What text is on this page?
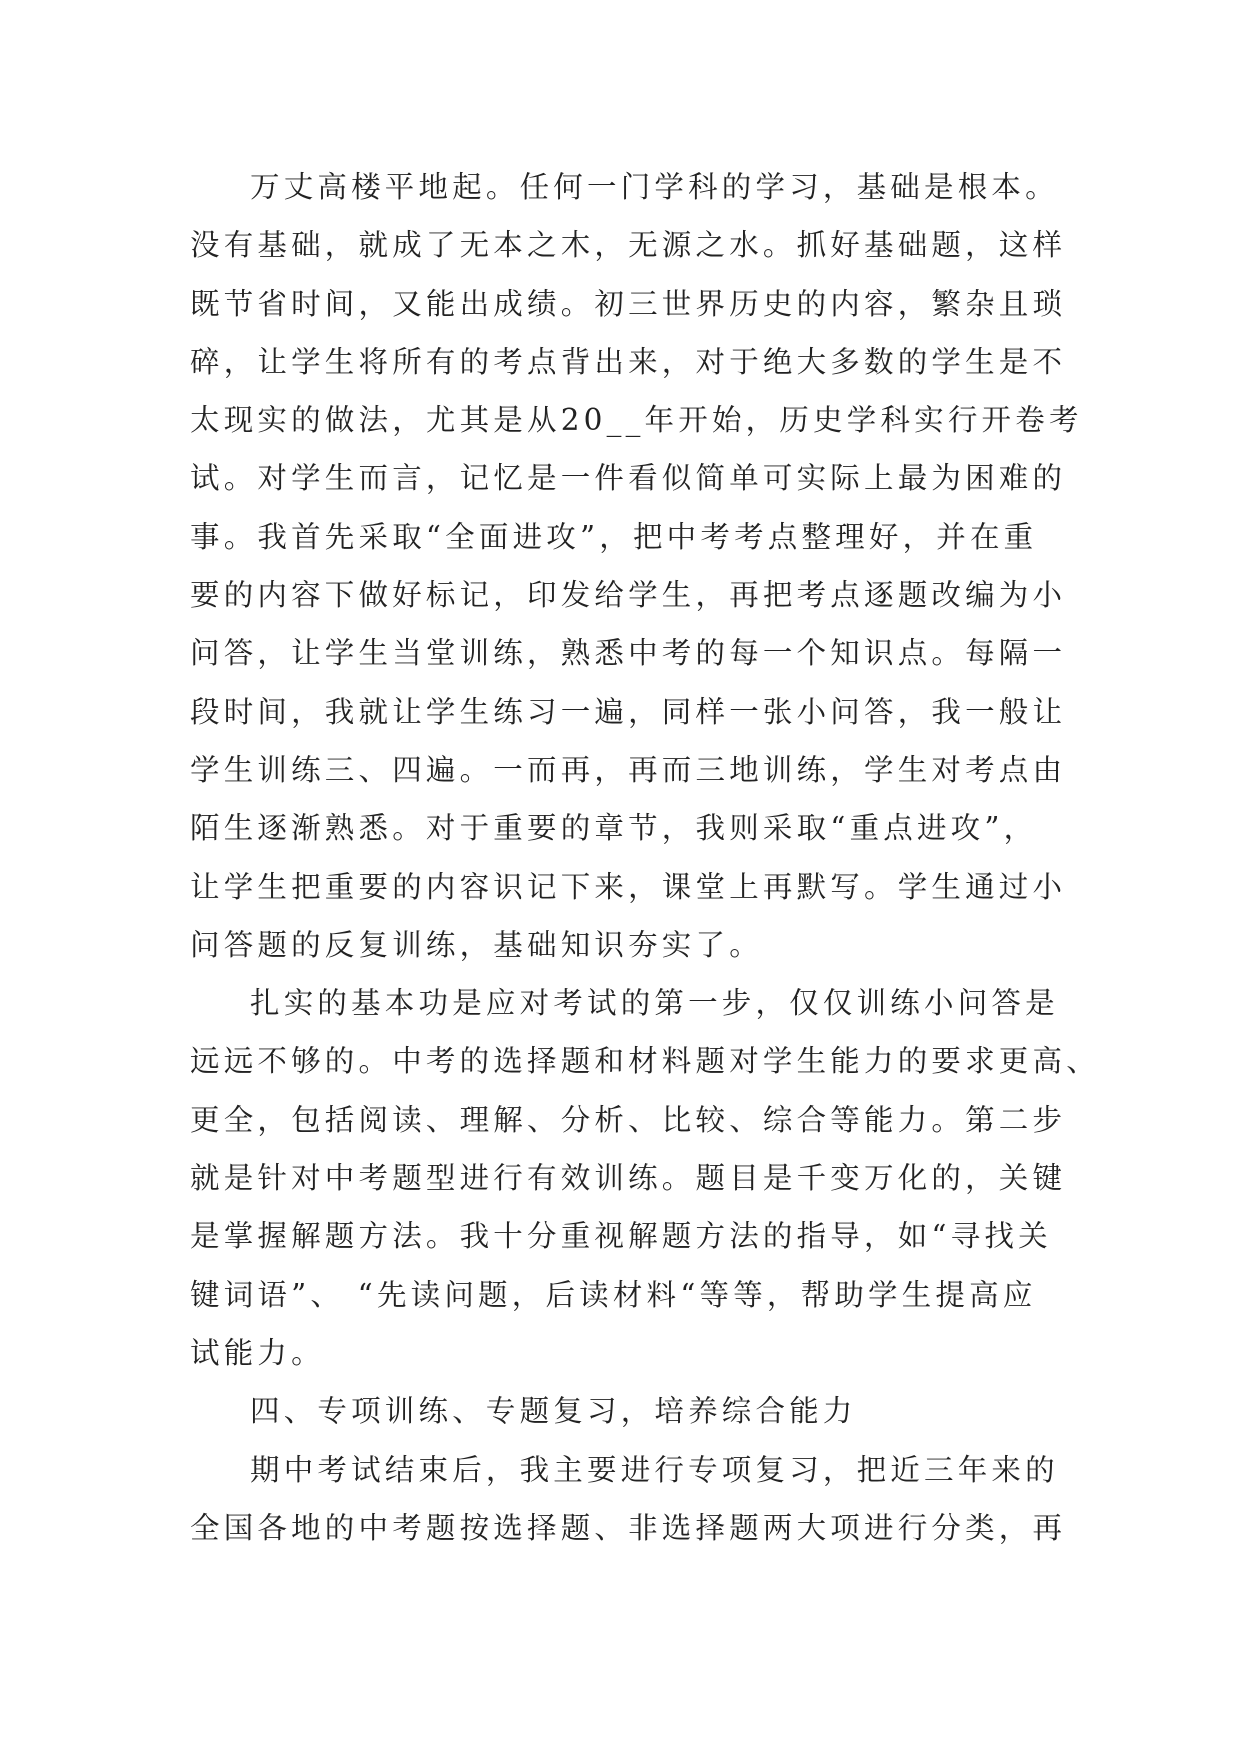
万丈高楼平地起。任何一门学科的学习，基础是根本。
没有基础，就成了无本之木，无源之水。抓好基础题，这样
既节省时间，又能出成绩。初三世界历史的内容，繁杂且琐
碎，让学生将所有的考点背出来，对于绝大多数的学生是不
太现实的做法，尤其是从20__年开始，历史学科实行开卷考
试。对学生而言，记忆是一件看似简单可实际上最为困难的
事。我首先采取“全面进攻”，把中考考点整理好，并在重
要的内容下做好标记，印发给学生，再把考点逐题改编为小
问答，让学生当堂训练，熟悉中考的每一个知识点。每隔一
段时间，我就让学生练习一遍，同样一张小问答，我一般让
学生训练三、四遍。一而再，再而三地训练，学生对考点由
陌生逐渐熟悉。对于重要的章节，我则采取“重点进攻”，
让学生把重要的内容识记下来，课堂上再默写。学生通过小
问答题的反复训练，基础知识夯实了。
扎实的基本功是应对考试的第一步，仅仅训练小问答是
远远不够的。中考的选择题和材料题对学生能力的要求更高、
更全，包括阅读、理解、分析、比较、综合等能力。第二步
就是针对中考题型进行有效训练。题目是千变万化的，关键
是掌握解题方法。我十分重视解题方法的指导，如“寻找关
键词语”、 “先读问题，后读材料“等等，帮助学生提高应
试能力。
四、专项训练、专题复习，培养综合能力
期中考试结束后，我主要进行专项复习，把近三年来的
全国各地的中考题按选择题、非选择题两大项进行分类，再
